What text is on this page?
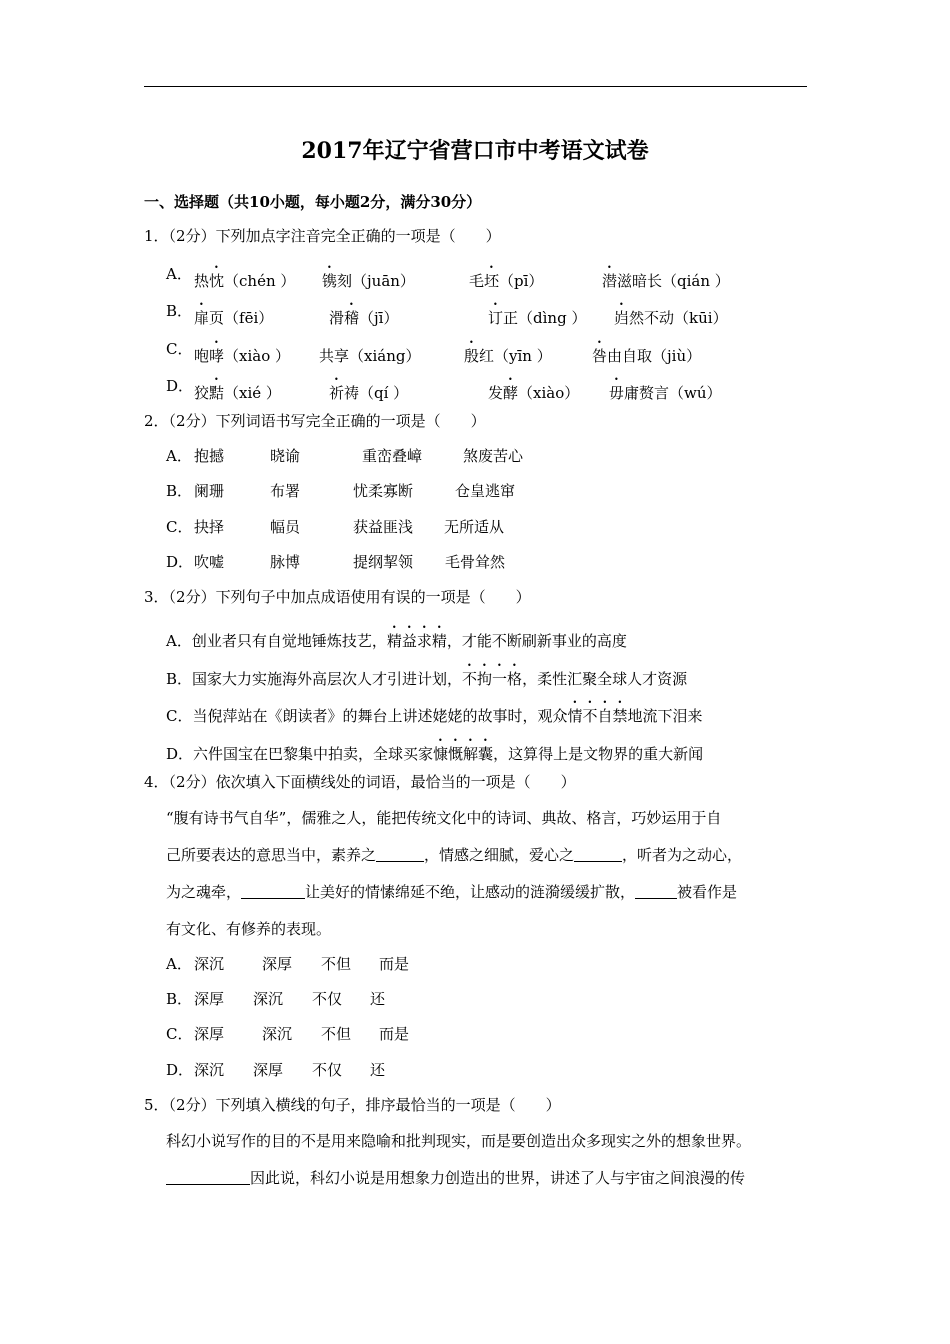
2017年辽宁省营口市中考语文试卷
一、选择题（共10小题，每小题2分，满分30分）
1．（2分）下列加点字注音完全正确的一项是（　　）
A． 热忱（chén ） 镌刻（juān）	毛坯（pī）	潜滋暗长（qián ）
B． 扉页（fēi）	滑稽（jī）	订正（dìng ） 岿然不动（kūi）
C． 咆哮（xiào ） 共享（xiáng）	殷红（yīn ）	咎由自取（jiù）
D． 狡黠（xié ）	祈祷（qí ）	发酵（xiào） 毋庸赘言（wú）
2．（2分）下列词语书写完全正确的一项是（　　）
A． 抱撼	晓谕	重峦叠嶂	煞废苦心
B． 阑珊	布署	忧柔寡断	仓皇逃窜
C． 抉择	幅员	获益匪浅 无所适从
D． 吹嘘	脉博	提纲挈领 毛骨耸然
3．（2分）下列句子中加点成语使用有误的一项是（　　）
A．创业者只有自觉地锤炼技艺，精益求精，才能不断刷新事业的高度
B．国家大力实施海外高层次人才引进计划，不拘一格，柔性汇聚全球人才资源
C．当倪萍站在《朗读者》的舞台上讲述姥姥的故事时，观众情不自禁地流下泪来
D．六件国宝在巴黎集中拍卖，全球买家慷慨解囊，这算得上是文物界的重大新闻
4．（2分）依次填入下面横线处的词语，最恰当的一项是（　　）
“腹有诗书气自华”，儒雅之人，能把传统文化中的诗词、典故、格言，巧妙运用于自
己所要表达的意思当中，素养之	，情感之细腻，爱心之	，听者为之动心，
为之魂牵，	让美好的情愫绵延不绝，让感动的涟漪缓缓扩散，	被看作是
有文化、有修养的表现。
A． 深沉	深厚 不但 而是
B． 深厚 深沉 不仅 还
C． 深厚	深沉 不但 而是
D． 深沉 深厚 不仅 还
5．（2分）下列填入横线的句子，排序最恰当的一项是（　　）
科幻小说写作的目的不是用来隐喻和批判现实，而是要创造出众多现实之外的想象世界。
因此说，科幻小说是用想象力创造出的世界，讲述了人与宇宙之间浪漫的传
